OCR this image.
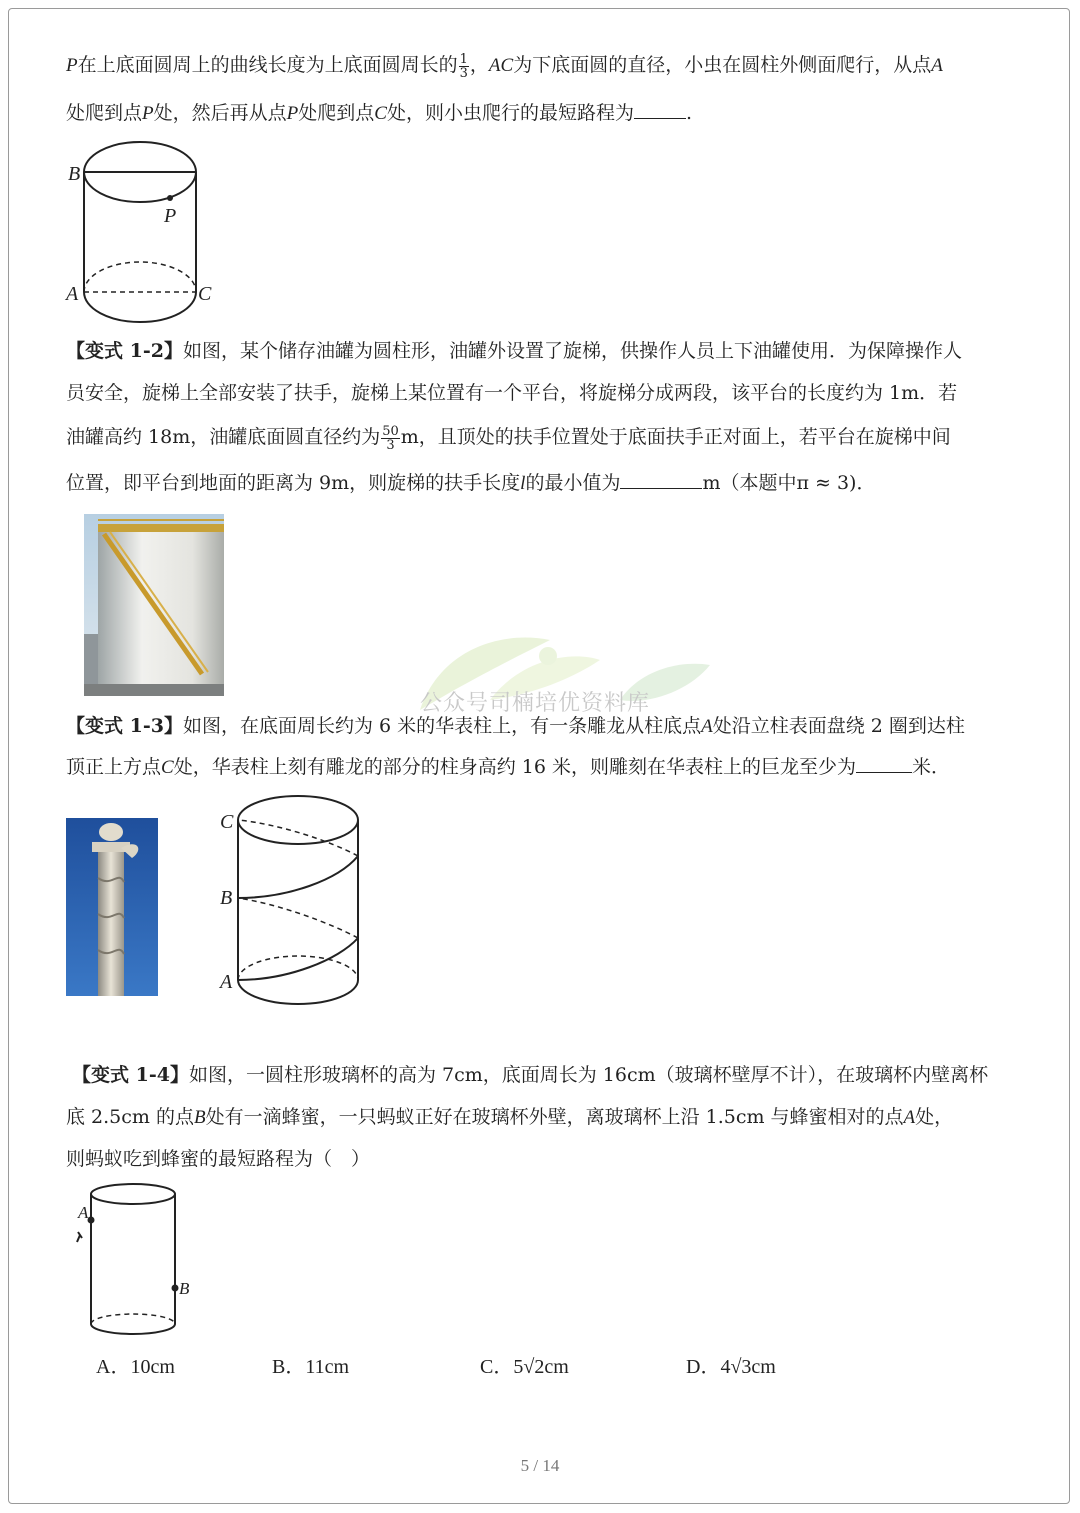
P在上底面圆周上的曲线长度为上底面圆周长的 $\frac{1}{3}$ ，AC为下底面圆的直径，小虫在圆柱外侧面爬行，从点A

处爬到点P处，然后再从点P处爬到点C处，则小虫爬行的最短路程为	.

B
P
A	C

【变式 1-2】如图，某个储存油罐为圆柱形，油罐外设置了旋梯，供操作人员上下油罐使用．为保障操作人

员安全，旋梯上全部安装了扶手，旋梯上某位置有一个平台，将旋梯分成两段，该平台的长度约为 1m．若

油罐高约 18m，油罐底面圆直径约为 $\frac{50}{3}$ m，且顶处的扶手位置处于底面扶手正对面上，若平台在旋梯中间

位置，即平台到地面的距离为 9m，则旋梯的扶手长度l的最小值为	m（本题中π ≈ 3)．

公众号司楠培优资料库

【变式 1-3】如图，在底面周长约为 6 米的华表柱上，有一条雕龙从柱底点A处沿立柱表面盘绕 2 圈到达柱

顶正上方点C处，华表柱上刻有雕龙的部分的柱身高约 16 米，则雕刻在华表柱上的巨龙至少为	米．

C
B
A

【变式 1-4】如图，一圆柱形玻璃杯的高为 7cm，底面周长为 16cm（玻璃杯壁厚不计），在玻璃杯内壁离杯

底 2.5cm 的点B处有一滴蜂蜜，一只蚂蚁正好在玻璃杯外壁，离玻璃杯上沿 1.5cm 与蜂蜜相对的点A处，

则蚂蚁吃到蜂蜜的最短路程为（　）

A
B
A．10cm	B．11cm	C．5√2cm	D．4√3cm
5 / 14
